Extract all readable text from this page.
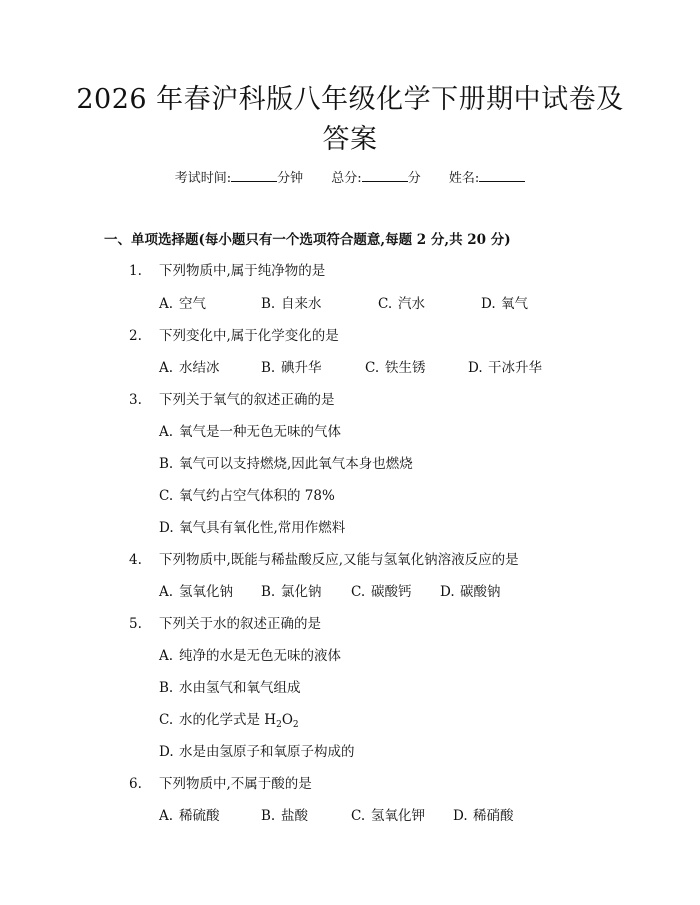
2026 年春沪科版八年级化学下册期中试卷及
答案
考试时间:	分钟 总分:	分 姓名:
一、单项选择题(每小题只有一个选项符合题意,每题 2 分,共 20 分)
1. 下列物质中,属于纯净物的是
A. 空气	B. 自来水	C. 汽水	D. 氧气
2. 下列变化中,属于化学变化的是
A. 水结冰	B. 碘升华	C. 铁生锈	D. 干冰升华
3. 下列关于氧气的叙述正确的是
A. 氧气是一种无色无味的气体
B. 氧气可以支持燃烧,因此氧气本身也燃烧
C. 氧气约占空气体积的 78%
D. 氧气具有氧化性,常用作燃料
4. 下列物质中,既能与稀盐酸反应,又能与氢氧化钠溶液反应的是
A. 氢氧化钠 B. 氯化钠 C. 碳酸钙 D. 碳酸钠
5. 下列关于水的叙述正确的是
A. 纯净的水是无色无味的液体
B. 水由氢气和氧气组成
C. 水的化学式是 $H_2O_2$
D. 水是由氢原子和氧原子构成的
6. 下列物质中,不属于酸的是
A. 稀硫酸	B. 盐酸	C. 氢氧化钾 D. 稀硝酸
